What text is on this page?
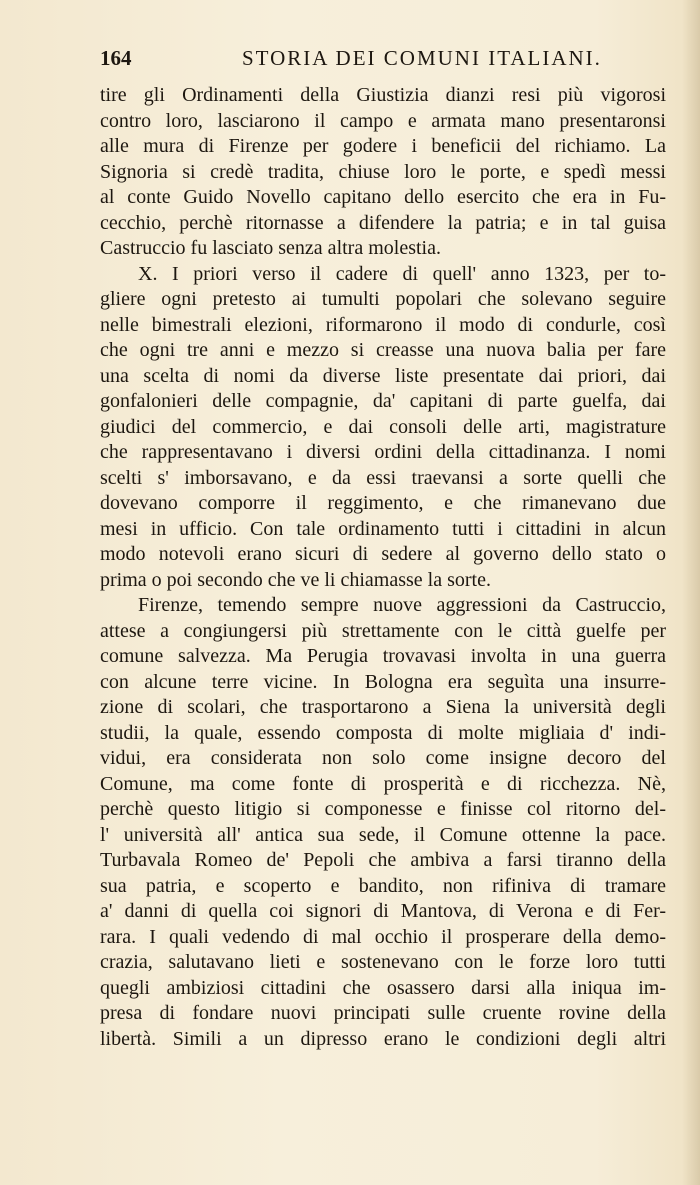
164	STORIA DEI COMUNI ITALIANI.
tire gli Ordinamenti della Giustizia dianzi resi più vigorosi
contro loro, lasciarono il campo e armata mano presentaronsi
alle mura di Firenze per godere i beneficii del richiamo. La
Signoria si credè tradita, chiuse loro le porte, e spedì messi
al conte Guido Novello capitano dello esercito che era in Fu-
cecchio, perchè ritornasse a difendere la patria; e in tal guisa
Castruccio fu lasciato senza altra molestia.
X. I priori verso il cadere di quell' anno 1323, per to-
gliere ogni pretesto ai tumulti popolari che solevano seguire
nelle bimestrali elezioni, riformarono il modo di condurle, così
che ogni tre anni e mezzo si creasse una nuova balia per fare
una scelta di nomi da diverse liste presentate dai priori, dai
gonfalonieri delle compagnie, da' capitani di parte guelfa, dai
giudici del commercio, e dai consoli delle arti, magistrature
che rappresentavano i diversi ordini della cittadinanza. I nomi
scelti s' imborsavano, e da essi traevansi a sorte quelli che
dovevano comporre il reggimento, e che rimanevano due
mesi in ufficio. Con tale ordinamento tutti i cittadini in alcun
modo notevoli erano sicuri di sedere al governo dello stato o
prima o poi secondo che ve li chiamasse la sorte.
Firenze, temendo sempre nuove aggressioni da Castruccio,
attese a congiungersi più strettamente con le città guelfe per
comune salvezza. Ma Perugia trovavasi involta in una guerra
con alcune terre vicine. In Bologna era seguìta una insurre-
zione di scolari, che trasportarono a Siena la università degli
studii, la quale, essendo composta di molte migliaia d' indi-
vidui, era considerata non solo come insigne decoro del
Comune, ma come fonte di prosperità e di ricchezza. Nè,
perchè questo litigio si componesse e finisse col ritorno del-
l' università all' antica sua sede, il Comune ottenne la pace.
Turbavala Romeo de' Pepoli che ambiva a farsi tiranno della
sua patria, e scoperto e bandito, non rifiniva di tramare
a' danni di quella coi signori di Mantova, di Verona e di Fer-
rara. I quali vedendo di mal occhio il prosperare della demo-
crazia, salutavano lieti e sostenevano con le forze loro tutti
quegli ambiziosi cittadini che osassero darsi alla iniqua im-
presa di fondare nuovi principati sulle cruente rovine della
libertà. Simili a un dipresso erano le condizioni degli altri
